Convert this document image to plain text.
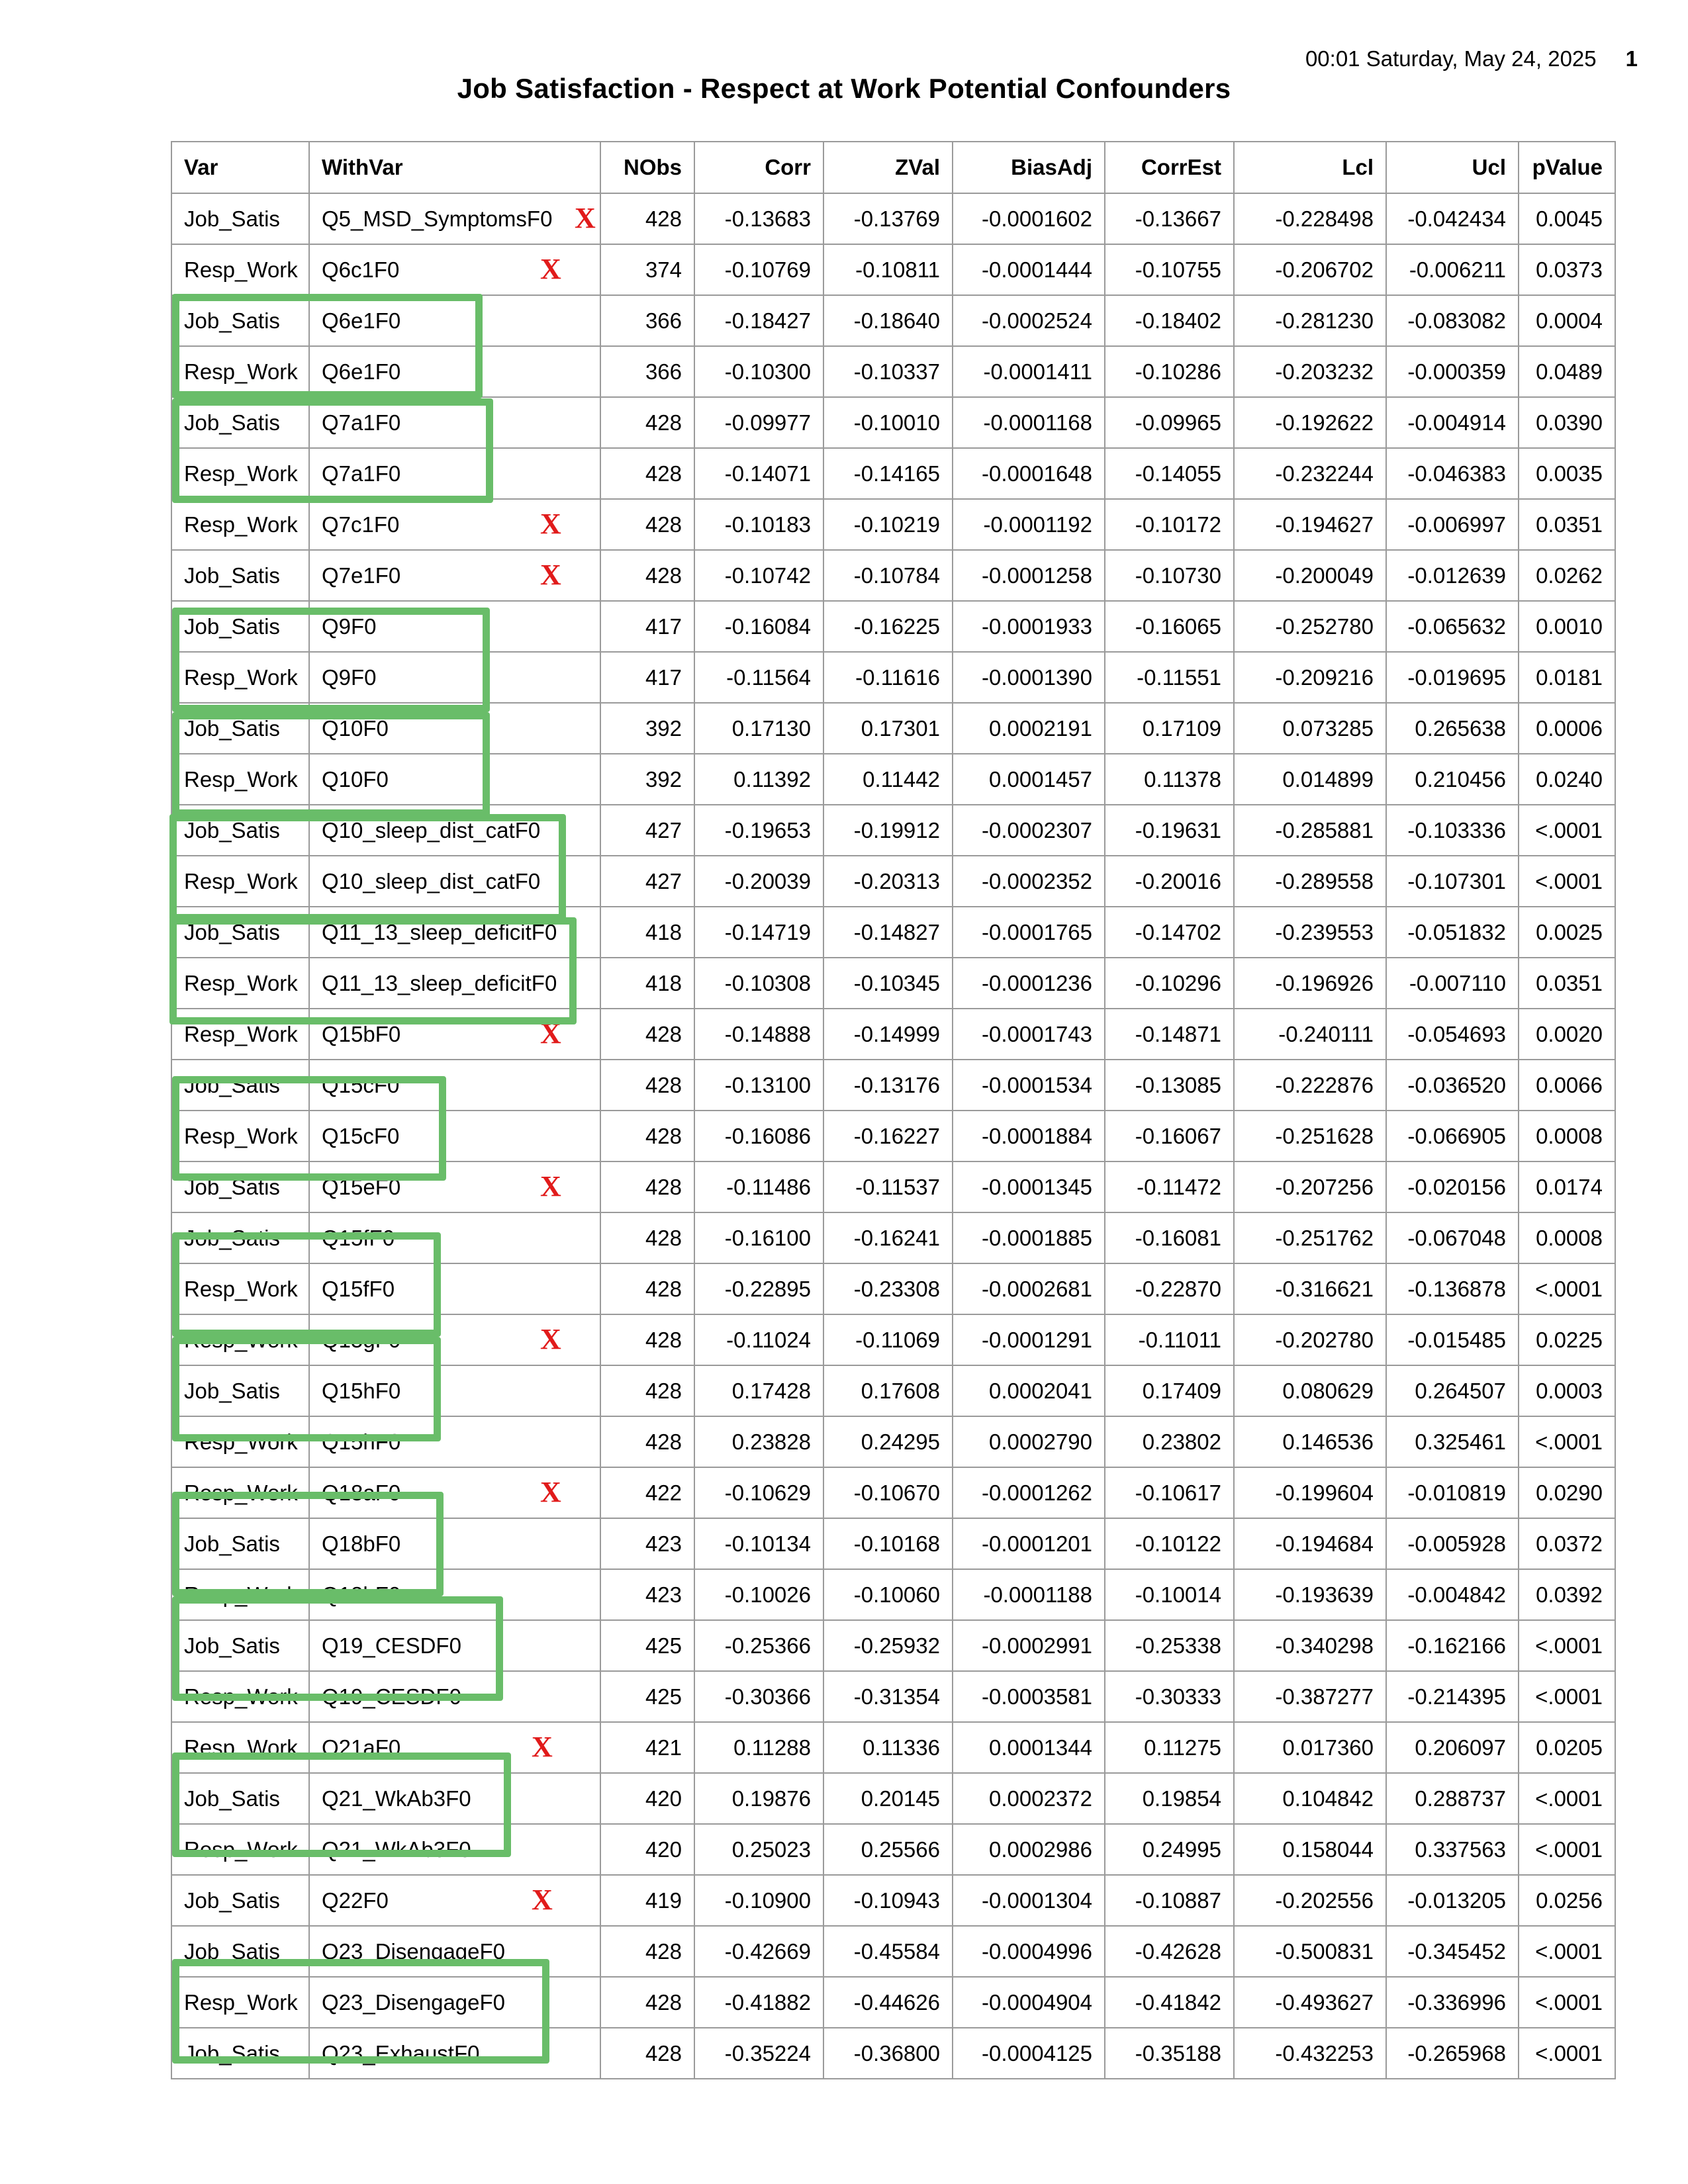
00:01 Saturday, May 24, 2025 1
Job Satisfaction - Respect at Work Potential Confounders
Var	WithVar	NObs	Corr	ZVal	BiasAdj	CorrEst	Lcl	Ucl	pValue
Job_Satis	Q5_MSD_SymptomsF0 X	428	-0.13683	-0.13769	-0.0001602	-0.13667	-0.228498	-0.042434	0.0045
Resp_Work	Q6c1F0 X	374	-0.10769	-0.10811	-0.0001444	-0.10755	-0.206702	-0.006211	0.0373
Job_Satis	Q6e1F0	366	-0.18427	-0.18640	-0.0002524	-0.18402	-0.281230	-0.083082	0.0004
Resp_Work	Q6e1F0	366	-0.10300	-0.10337	-0.0001411	-0.10286	-0.203232	-0.000359	0.0489
Job_Satis	Q7a1F0	428	-0.09977	-0.10010	-0.0001168	-0.09965	-0.192622	-0.004914	0.0390
Resp_Work	Q7a1F0	428	-0.14071	-0.14165	-0.0001648	-0.14055	-0.232244	-0.046383	0.0035
Resp_Work	Q7c1F0 X	428	-0.10183	-0.10219	-0.0001192	-0.10172	-0.194627	-0.006997	0.0351
Job_Satis	Q7e1F0 X	428	-0.10742	-0.10784	-0.0001258	-0.10730	-0.200049	-0.012639	0.0262
Job_Satis	Q9F0	417	-0.16084	-0.16225	-0.0001933	-0.16065	-0.252780	-0.065632	0.0010
Resp_Work	Q9F0	417	-0.11564	-0.11616	-0.0001390	-0.11551	-0.209216	-0.019695	0.0181
Job_Satis	Q10F0	392	0.17130	0.17301	0.0002191	0.17109	0.073285	0.265638	0.0006
Resp_Work	Q10F0	392	0.11392	0.11442	0.0001457	0.11378	0.014899	0.210456	0.0240
Job_Satis	Q10_sleep_dist_catF0	427	-0.19653	-0.19912	-0.0002307	-0.19631	-0.285881	-0.103336	<.0001
Resp_Work	Q10_sleep_dist_catF0	427	-0.20039	-0.20313	-0.0002352	-0.20016	-0.289558	-0.107301	<.0001
Job_Satis	Q11_13_sleep_deficitF0	418	-0.14719	-0.14827	-0.0001765	-0.14702	-0.239553	-0.051832	0.0025
Resp_Work	Q11_13_sleep_deficitF0	418	-0.10308	-0.10345	-0.0001236	-0.10296	-0.196926	-0.007110	0.0351
Resp_Work	Q15bF0 X	428	-0.14888	-0.14999	-0.0001743	-0.14871	-0.240111	-0.054693	0.0020
Job_Satis	Q15cF0	428	-0.13100	-0.13176	-0.0001534	-0.13085	-0.222876	-0.036520	0.0066
Resp_Work	Q15cF0	428	-0.16086	-0.16227	-0.0001884	-0.16067	-0.251628	-0.066905	0.0008
Job_Satis	Q15eF0 X	428	-0.11486	-0.11537	-0.0001345	-0.11472	-0.207256	-0.020156	0.0174
Job_Satis	Q15fF0	428	-0.16100	-0.16241	-0.0001885	-0.16081	-0.251762	-0.067048	0.0008
Resp_Work	Q15fF0	428	-0.22895	-0.23308	-0.0002681	-0.22870	-0.316621	-0.136878	<.0001
Resp_Work	Q15gF0 X	428	-0.11024	-0.11069	-0.0001291	-0.11011	-0.202780	-0.015485	0.0225
Job_Satis	Q15hF0	428	0.17428	0.17608	0.0002041	0.17409	0.080629	0.264507	0.0003
Resp_Work	Q15hF0	428	0.23828	0.24295	0.0002790	0.23802	0.146536	0.325461	<.0001
Resp_Work	Q18aF0 X	422	-0.10629	-0.10670	-0.0001262	-0.10617	-0.199604	-0.010819	0.0290
Job_Satis	Q18bF0	423	-0.10134	-0.10168	-0.0001201	-0.10122	-0.194684	-0.005928	0.0372
Resp_Work	Q18bF0	423	-0.10026	-0.10060	-0.0001188	-0.10014	-0.193639	-0.004842	0.0392
Job_Satis	Q19_CESDF0	425	-0.25366	-0.25932	-0.0002991	-0.25338	-0.340298	-0.162166	<.0001
Resp_Work	Q19_CESDF0	425	-0.30366	-0.31354	-0.0003581	-0.30333	-0.387277	-0.214395	<.0001
Resp_Work	Q21aF0 X	421	0.11288	0.11336	0.0001344	0.11275	0.017360	0.206097	0.0205
Job_Satis	Q21_WkAb3F0	420	0.19876	0.20145	0.0002372	0.19854	0.104842	0.288737	<.0001
Resp_Work	Q21_WkAb3F0	420	0.25023	0.25566	0.0002986	0.24995	0.158044	0.337563	<.0001
Job_Satis	Q22F0 X	419	-0.10900	-0.10943	-0.0001304	-0.10887	-0.202556	-0.013205	0.0256
Job_Satis	Q23_DisengageF0	428	-0.42669	-0.45584	-0.0004996	-0.42628	-0.500831	-0.345452	<.0001
Resp_Work	Q23_DisengageF0	428	-0.41882	-0.44626	-0.0004904	-0.41842	-0.493627	-0.336996	<.0001
Job_Satis	Q23_ExhaustF0	428	-0.35224	-0.36800	-0.0004125	-0.35188	-0.432253	-0.265968	<.0001
